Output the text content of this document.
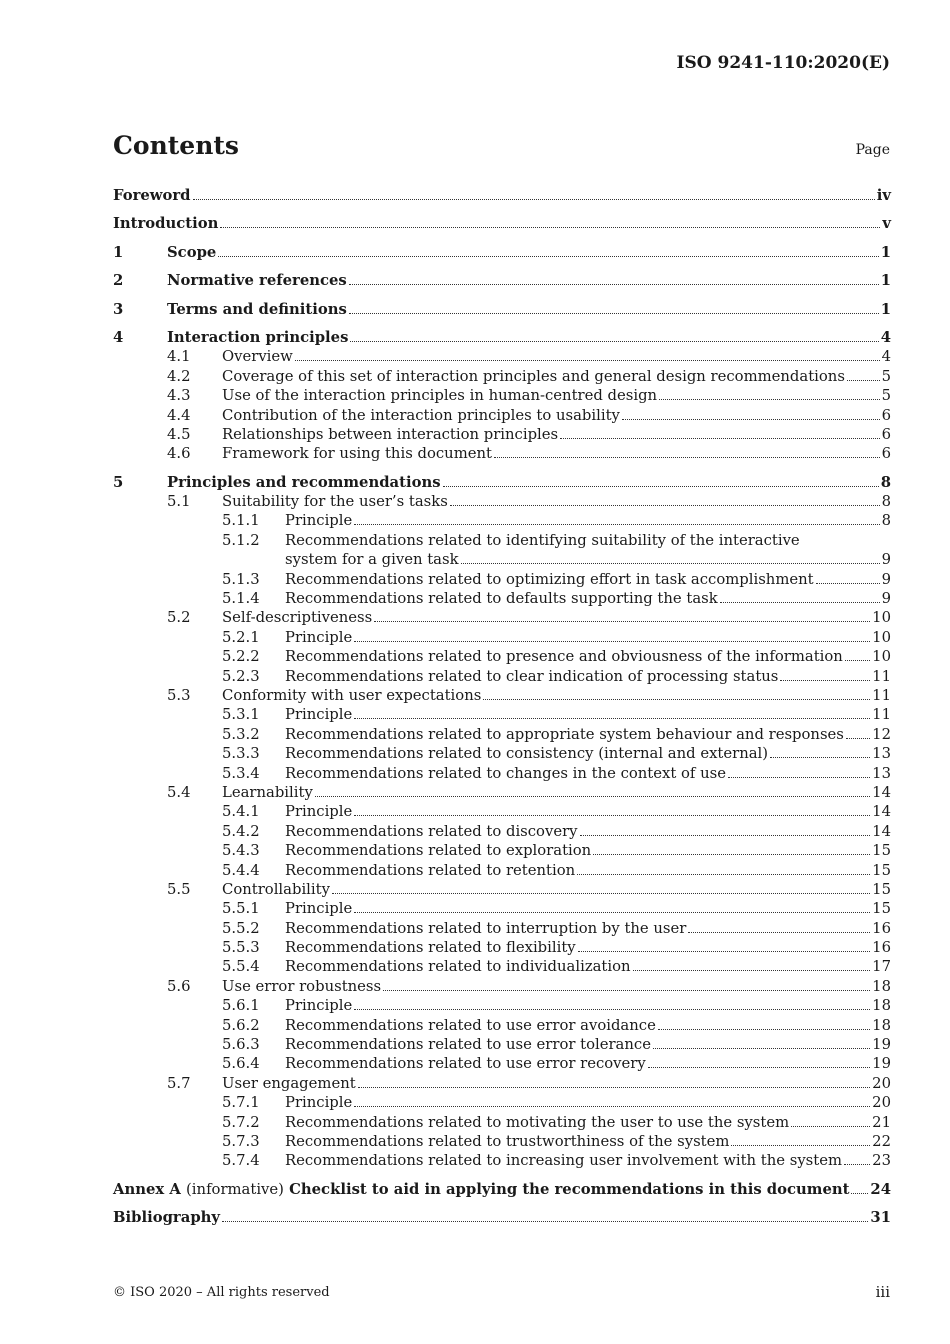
ISO 9241-110:2020(E)
Contents	Page
Foreword	iv
Introduction	v
1	Scope	1
2	Normative references	1
3	Terms and definitions	1
4	Interaction principles	4
4.1 Overview	4
4.2 Coverage of this set of interaction principles and general design recommendations 5
4.3 Use of the interaction principles in human-centred design	5
4.4 Contribution of the interaction principles to usability	6
4.5 Relationships between interaction principles	6
4.6 Framework for using this document	6
5	Principles and recommendations	8
5.1 Suitability for the user’s tasks	8
5.1.1 Principle	8
5.1.2 Recommendations related to identifying suitability of the interactive
system for a given task	9
5.1.3 Recommendations related to optimizing effort in task accomplishment	9
5.1.4 Recommendations related to defaults supporting the task	9
5.2 Self-descriptiveness	10
5.2.1 Principle	10
5.2.2 Recommendations related to presence and obviousness of the information 10
5.2.3 Recommendations related to clear indication of processing status	11
5.3 Conformity with user expectations	11
5.3.1 Principle	11
5.3.2 Recommendations related to appropriate system behaviour and responses 12
5.3.3 Recommendations related to consistency (internal and external)	13
5.3.4 Recommendations related to changes in the context of use	13
5.4 Learnability	14
5.4.1 Principle	14
5.4.2 Recommendations related to discovery	14
5.4.3 Recommendations related to exploration	15
5.4.4 Recommendations related to retention	15
5.5 Controllability	15
5.5.1 Principle	15
5.5.2 Recommendations related to interruption by the user	16
5.5.3 Recommendations related to flexibility	16
5.5.4 Recommendations related to individualization	17
5.6 Use error robustness	18
5.6.1 Principle	18
5.6.2 Recommendations related to use error avoidance	18
5.6.3 Recommendations related to use error tolerance	19
5.6.4 Recommendations related to use error recovery	19
5.7 User engagement	20
5.7.1 Principle	20
5.7.2 Recommendations related to motivating the user to use the system	21
5.7.3 Recommendations related to trustworthiness of the system	22
5.7.4 Recommendations related to increasing user involvement with the system 23
Annex A (informative) Checklist to aid in applying the recommendations in this document 24
Bibliography	31
© ISO 2020 – All rights reserved	iii
